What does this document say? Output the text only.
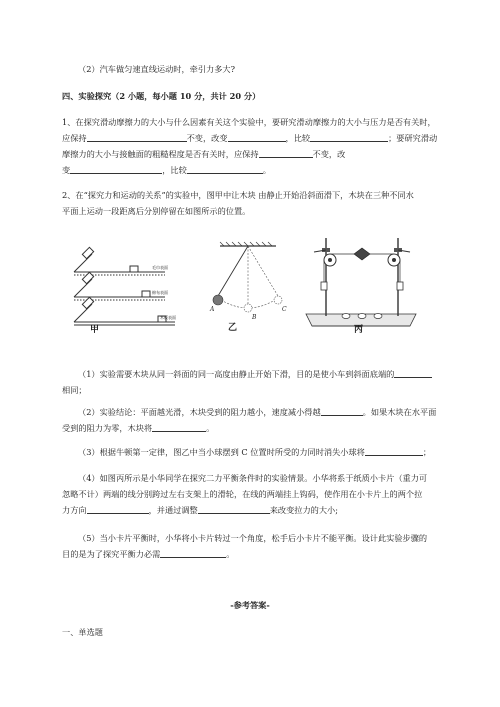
（2）汽车做匀速直线运动时，牵引力多大?
四、实验探究（2 小题，每小题 10 分，共计 20 分）
1、在探究滑动摩擦力的大小与什么因素有关这个实验中，要研究滑动摩擦力的大小与压力是否有关时，
应保持	不变，改变	，比较	；要研究滑动
摩擦力的大小与接触面的粗糙程度是否有关时，应保持	不变，改
变	，比较	。
2、在“探究力和运动的关系”的实验中，图甲中让木块 由静止开始沿斜面滑下，木块在三种不同水
平面上运动一段距离后分别停留在如图所示的位置。
毛巾表面
棉布表面
木板表面
甲
A
B
C
乙	丙
（1）实验需要木块从同一斜面的同一高度由静止开始下滑，目的是使小车到斜面底端的
相同；
（2）实验结论：平面越光滑，木块受到的阻力越小，速度减小得越	。如果木块在水平面
受到的阻力为零，木块将	。
（3）根据牛顿第一定律，图乙中当小球摆到 C 位置时所受的力同时消失小球将	；
（4）如图丙所示是小华同学在探究二力平衡条件时的实验情景。小华将系于纸质小卡片（重力可
忽略不计）两端的线分别跨过左右支架上的滑轮，在线的两端挂上钩码，使作用在小卡片上的两个拉
力方向	，并通过调整	来改变拉力的大小;
（5）当小卡片平衡时，小华将小卡片转过一个角度，松手后小卡片不能平衡。设计此实验步骤的
目的是为了探究平衡力必需	。
-参考答案-
一、单选题
